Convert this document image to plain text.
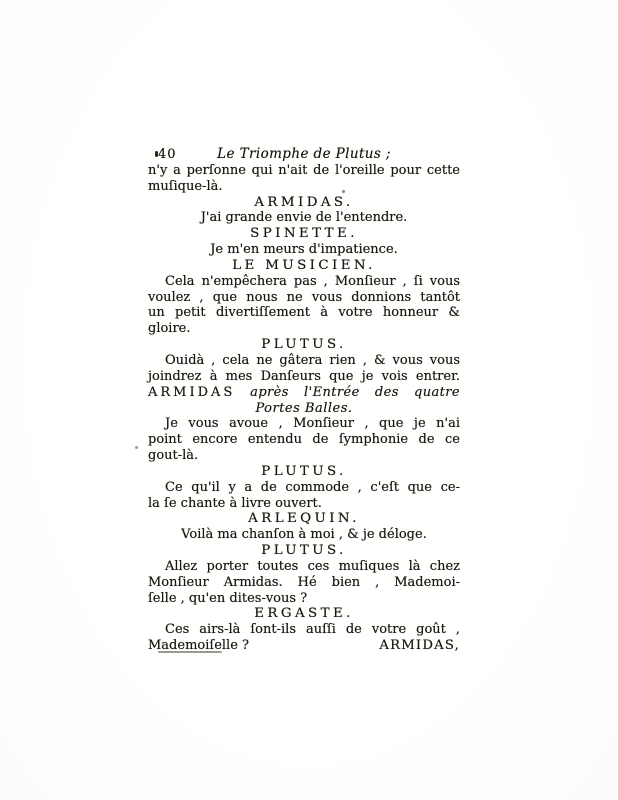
40	Le Triomphe de Plutus ;
n'y a perſonne qui n'ait de l'oreille pour cette
muſique-là.
ARMIDAS.
J'ai grande envie de l'entendre.
SPINETTE.
Je m'en meurs d'impatience.
LE MUSICIEN.
Cela n'empêchera pas , Monſieur , ſi vous
voulez , que nous ne vous donnions tantôt
un petit divertiſſement à votre honneur &
gloire.
PLUTUS.
Ouidà , cela ne gâtera rien , & vous vous
joindrez à mes Danſeurs que je vois entrer.
ARMIDAS après l'Entrée des quatre
Portes Balles.
Je vous avoue , Monſieur , que je n'ai
point encore entendu de ſymphonie de ce
gout-là.
PLUTUS.
Ce qu'il y a de commode , c'eſt que ce-
la ſe chante à livre ouvert.
ARLEQUIN.
Voilà ma chanſon à moi , & je déloge.
PLUTUS.
Allez porter toutes ces muſiques là chez
Monſieur Armidas. Hé bien , Mademoi-
ſelle , qu'en dites-vous ?
ERGASTE.
Ces airs-là ſont-ils auſſi de votre goût ,
Mademoiſelle ?	ARMIDAS,
